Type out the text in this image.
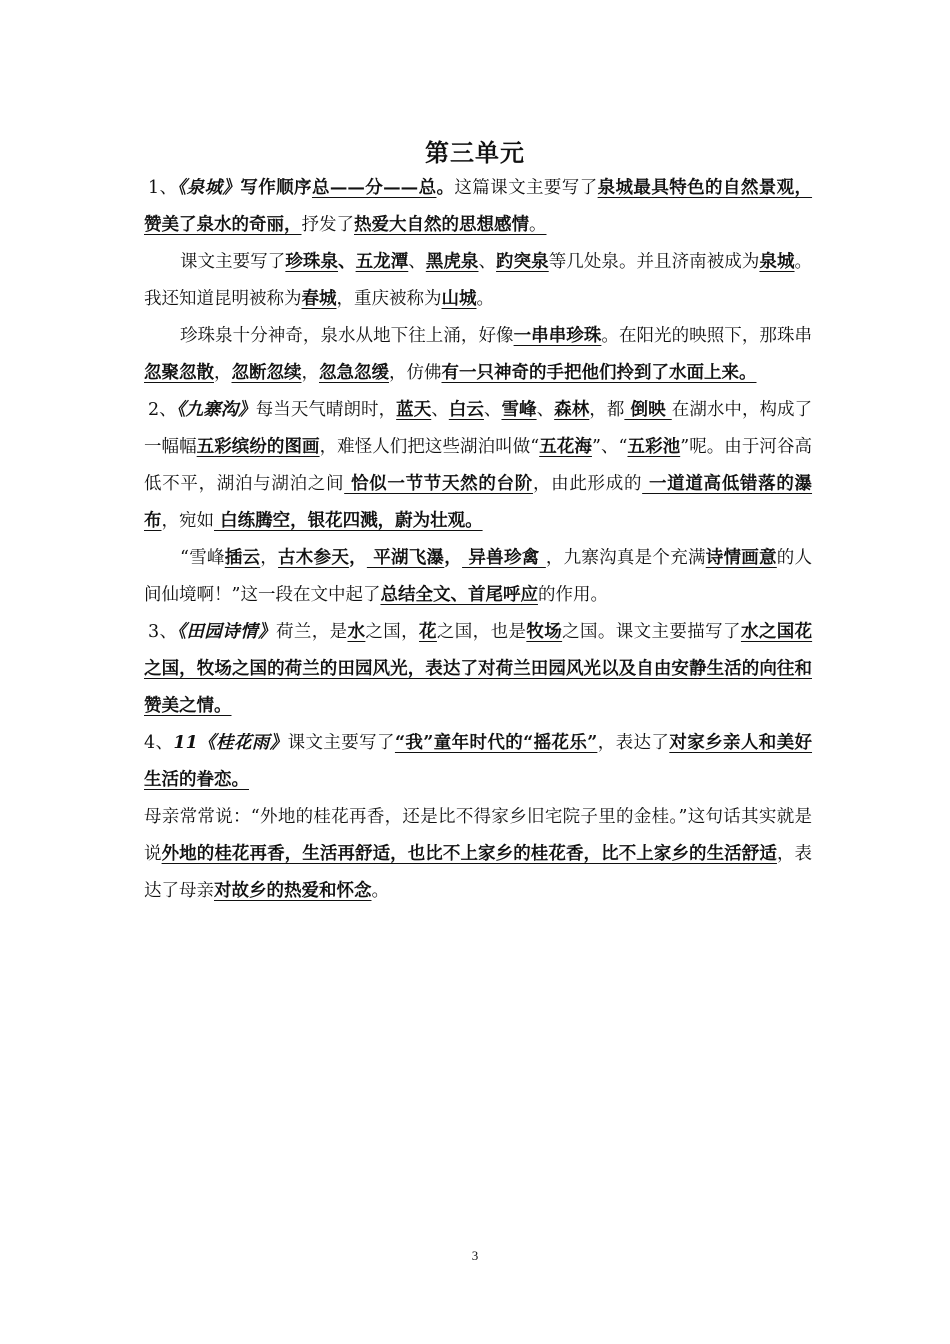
第三单元

1、《泉城》写作顺序总——分——总。这篇课文主要写了泉城最具特色的自然景观，赞美了泉水的奇丽，抒发了热爱大自然的思想感情。

课文主要写了珍珠泉、五龙潭、黑虎泉、趵突泉等几处泉。并且济南被成为泉城。我还知道昆明被称为春城，重庆被称为山城。

珍珠泉十分神奇，泉水从地下往上涌，好像一串串珍珠。在阳光的映照下，那珠串忽聚忽散，忽断忽续，忽急忽缓，仿佛有一只神奇的手把他们拎到了水面上来。

2、《九寨沟》每当天气晴朗时，蓝天、白云、雪峰、森林，都 倒映 在湖水中，构成了一幅幅五彩缤纷的图画，难怪人们把这些湖泊叫做“五花海”、“五彩池”呢。由于河谷高低不平，湖泊与湖泊之间 恰似一节节天然的台阶，由此形成的 一道道高低错落的瀑布，宛如 白练腾空，银花四溅，蔚为壮观。

“雪峰插云，古木参天， 平湖飞瀑， 异兽珍禽 ，九寨沟真是个充满诗情画意的人间仙境啊！”这一段在文中起了总结全文、首尾呼应的作用。

3、《田园诗情》荷兰，是水之国，花之国，也是牧场之国。课文主要描写了水之国花之国，牧场之国的荷兰的田园风光，表达了对荷兰田园风光以及自由安静生活的向往和赞美之情。

4、11《桂花雨》课文主要写了“我”童年时代的“摇花乐”，表达了对家乡亲人和美好生活的眷恋。

母亲常常说：“外地的桂花再香，还是比不得家乡旧宅院子里的金桂。”这句话其实就是说外地的桂花再香，生活再舒适，也比不上家乡的桂花香，比不上家乡的生活舒适，表达了母亲对故乡的热爱和怀念。

3
